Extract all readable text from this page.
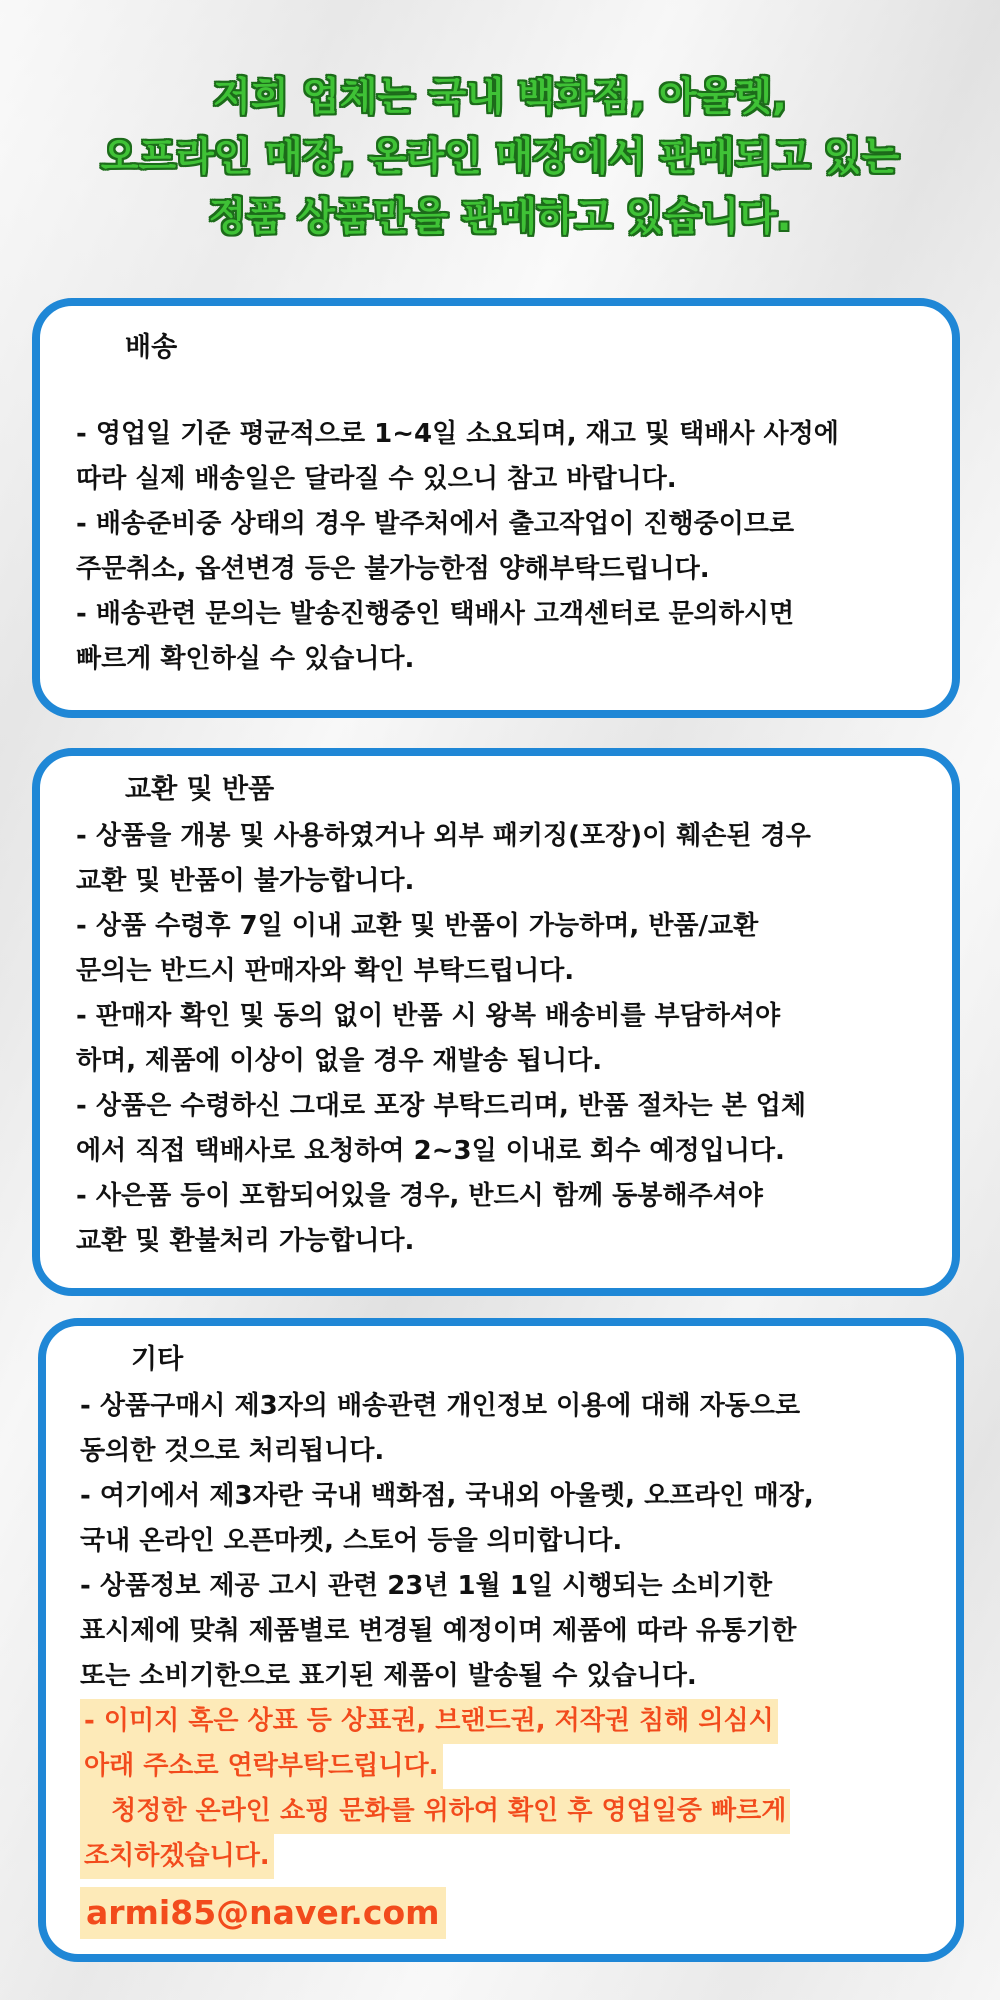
저희 업체는 국내 백화점, 아울렛,
오프라인 매장, 온라인 매장에서 판매되고 있는
정품 상품만을 판매하고 있습니다.
배송

- 영업일 기준 평균적으로 1~4일 소요되며, 재고 및 택배사 사정에

따라 실제 배송일은 달라질 수 있으니 참고 바랍니다.

- 배송준비중 상태의 경우 발주처에서 출고작업이 진행중이므로

주문취소, 옵션변경 등은 불가능한점 양해부탁드립니다.

- 배송관련 문의는 발송진행중인 택배사 고객센터로 문의하시면

빠르게 확인하실 수 있습니다.

교환 및 반품

- 상품을 개봉 및 사용하였거나 외부 패키징(포장)이 훼손된 경우

교환 및 반품이 불가능합니다.

- 상품 수령후 7일 이내 교환 및 반품이 가능하며, 반품/교환

문의는 반드시 판매자와 확인 부탁드립니다.

- 판매자 확인 및 동의 없이 반품 시 왕복 배송비를 부담하셔야

하며, 제품에 이상이 없을 경우 재발송 됩니다.

- 상품은 수령하신 그대로 포장 부탁드리며, 반품 절차는 본 업체

에서 직접 택배사로 요청하여 2~3일 이내로 회수 예정입니다.

- 사은품 등이 포함되어있을 경우, 반드시 함께 동봉해주셔야

교환 및 환불처리 가능합니다.

기타

- 상품구매시 제3자의 배송관련 개인정보 이용에 대해 자동으로

동의한 것으로 처리됩니다.

- 여기에서 제3자란 국내 백화점, 국내외 아울렛, 오프라인 매장,

국내 온라인 오픈마켓, 스토어 등을 의미합니다.

- 상품정보 제공 고시 관련 23년 1월 1일 시행되는 소비기한

표시제에 맞춰 제품별로 변경될 예정이며 제품에 따라 유통기한

또는 소비기한으로 표기된 제품이 발송될 수 있습니다.

- 이미지 혹은 상표 등 상표권, 브랜드권, 저작권 침해 의심시

아래 주소로 연락부탁드립니다.

청정한 온라인 쇼핑 문화를 위하여 확인 후 영업일중 빠르게

조치하겠습니다.

armi85@naver.com
